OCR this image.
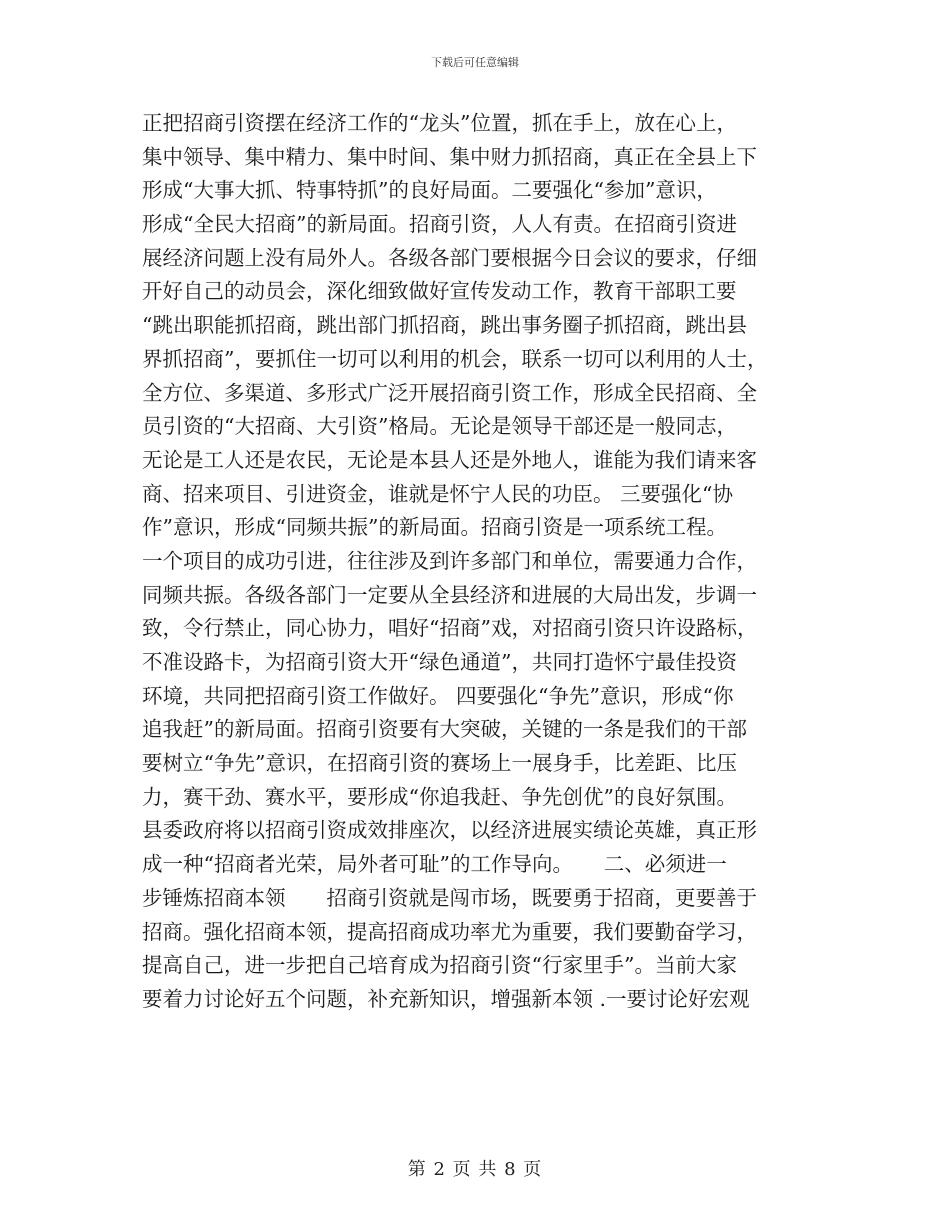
下载后可任意编辑
正把招商引资摆在经济工作的“龙头”位置，抓在手上，放在心上，
集中领导、集中精力、集中时间、集中财力抓招商，真正在全县上下
形成“大事大抓、特事特抓”的良好局面。二要强化“参加”意识，
形成“全民大招商”的新局面。招商引资，人人有责。在招商引资进
展经济问题上没有局外人。各级各部门要根据今日会议的要求，仔细
开好自己的动员会，深化细致做好宣传发动工作，教育干部职工要
“跳出职能抓招商，跳出部门抓招商，跳出事务圈子抓招商，跳出县
界抓招商”，要抓住一切可以利用的机会，联系一切可以利用的人士，
全方位、多渠道、多形式广泛开展招商引资工作，形成全民招商、全
员引资的“大招商、大引资”格局。无论是领导干部还是一般同志，
无论是工人还是农民，无论是本县人还是外地人，谁能为我们请来客
商、招来项目、引进资金，谁就是怀宁人民的功臣。 三要强化“协
作”意识，形成“同频共振”的新局面。招商引资是一项系统工程。
一个项目的成功引进，往往涉及到许多部门和单位，需要通力合作，
同频共振。各级各部门一定要从全县经济和进展的大局出发，步调一
致，令行禁止，同心协力，唱好“招商”戏，对招商引资只许设路标，
不准设路卡，为招商引资大开“绿色通道”，共同打造怀宁最佳投资
环境，共同把招商引资工作做好。 四要强化“争先”意识，形成“你
追我赶”的新局面。招商引资要有大突破，关键的一条是我们的干部
要树立“争先”意识，在招商引资的赛场上一展身手，比差距、比压
力，赛干劲、赛水平，要形成“你追我赶、争先创优”的良好氛围。
县委政府将以招商引资成效排座次，以经济进展实绩论英雄，真正形
成一种“招商者光荣，局外者可耻”的工作导向。　　二、必须进一
步锤炼招商本领　　招商引资就是闯市场，既要勇于招商，更要善于
招商。强化招商本领，提高招商成功率尤为重要，我们要勤奋学习，
提高自己，进一步把自己培育成为招商引资“行家里手”。当前大家
要着力讨论好五个问题，补充新知识，增强新本领 .一要讨论好宏观
第 2 页 共 8 页
